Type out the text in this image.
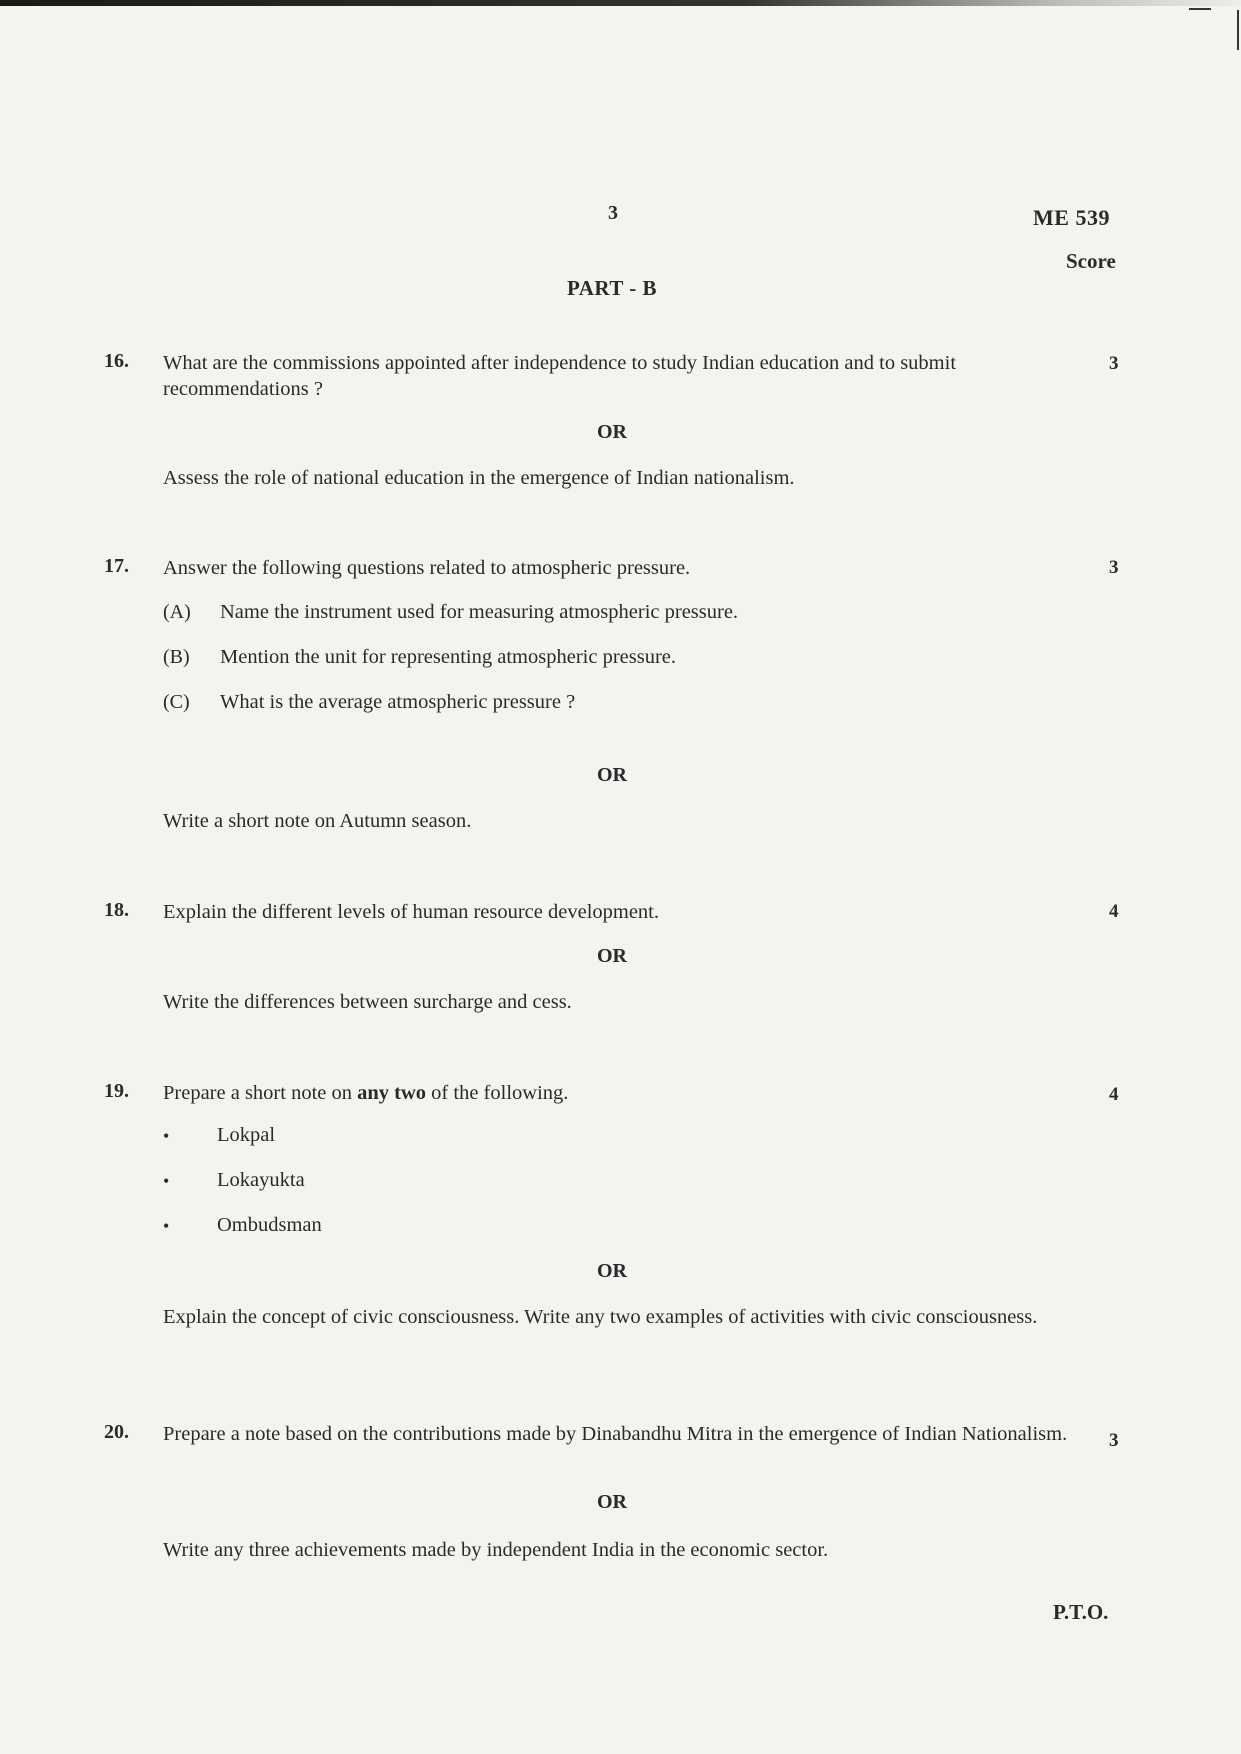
3	ME 539
Score
PART - B
16. What are the commissions appointed after independence to study Indian education and to submit recommendations ?
3
OR
Assess the role of national education in the emergence of Indian nationalism.
17. Answer the following questions related to atmospheric pressure.	3
(A) Name the instrument used for measuring atmospheric pressure.
(B) Mention the unit for representing atmospheric pressure.
(C) What is the average atmospheric pressure ?
OR
Write a short note on Autumn season.
18. Explain the different levels of human resource development.	4
OR
Write the differences between surcharge and cess.
19. Prepare a short note on any two of the following.	4
• Lokpal
• Lokayukta
• Ombudsman
OR
Explain the concept of civic consciousness. Write any two examples of activities with civic consciousness.
20. Prepare a note based on the contributions made by Dinabandhu Mitra in the emergence of Indian Nationalism. 3
OR
Write any three achievements made by independent India in the economic sector.
P.T.O.
